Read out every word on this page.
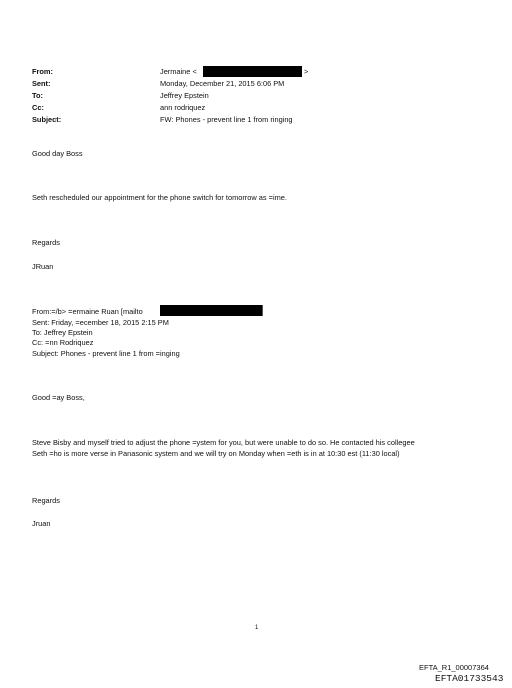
From:
Sent:
To:
Cc:
Subject:
Jermaine <	>
Monday, December 21, 2015 6:06 PM
Jeffrey Epstein
ann rodriquez
FW: Phones - prevent line 1 from ringing
Good day Boss
Seth rescheduled our appointment for the phone switch for tomorrow as =ime.
Regards
JRuan
From:=/b> =ermaine Ruan [mailto
Sent: Friday, =ecember 18, 2015 2:15 PM
To: Jeffrey Epstein
Cc: =nn Rodriquez
Subject: Phones - prevent line 1 from =inging
Good =ay Boss,
Steve Bisby and myself tried to adjust the phone =ystem for you, but were unable to do so. He contacted his collegee
Seth =ho is more verse in Panasonic system and we will try on Monday when =eth is in at 10:30 est (11:30 local)
Regards
Jruan
1
EFTA_R1_00007364
EFTA01733543
